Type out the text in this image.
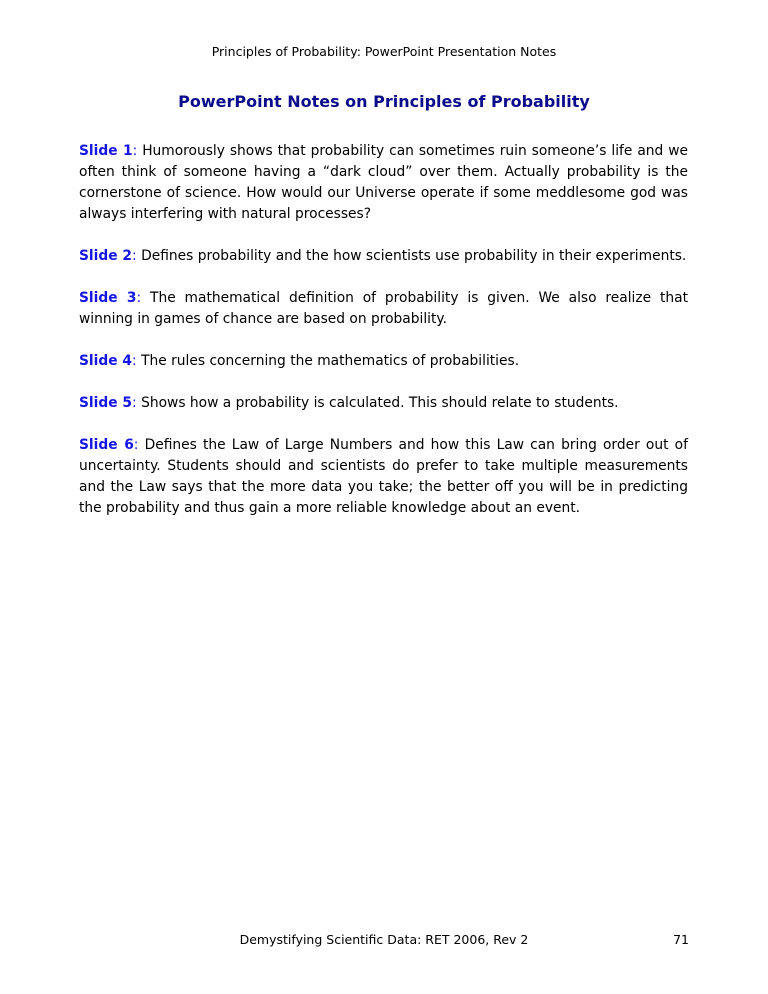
Principles of Probability: PowerPoint Presentation Notes
PowerPoint Notes on Principles of Probability

Slide 1: Humorously shows that probability can sometimes ruin someone’s life and we often think of someone having a “dark cloud” over them. Actually probability is the cornerstone of science. How would our Universe operate if some meddlesome god was always interfering with natural processes?

Slide 2: Defines probability and the how scientists use probability in their experiments.

Slide 3: The mathematical definition of probability is given. We also realize that winning in games of chance are based on probability.

Slide 4: The rules concerning the mathematics of probabilities.

Slide 5: Shows how a probability is calculated. This should relate to students.

Slide 6: Defines the Law of Large Numbers and how this Law can bring order out of uncertainty. Students should and scientists do prefer to take multiple measurements and the Law says that the more data you take; the better off you will be in predicting the probability and thus gain a more reliable knowledge about an event.

Demystifying Scientific Data: RET 2006, Rev 2	71
